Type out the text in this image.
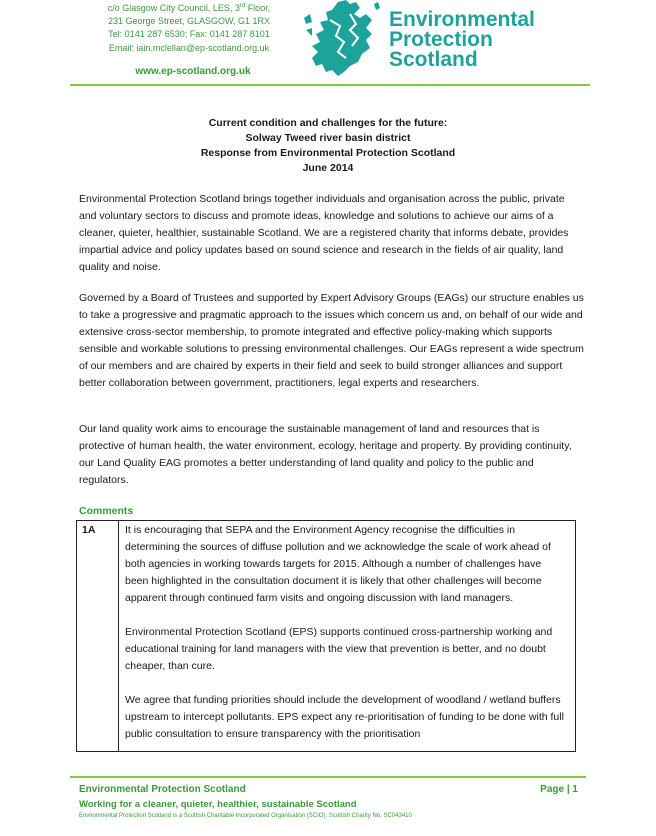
c/o Glasgow City Council, LES, 3rd Floor,
231 George Street, GLASGOW, G1 1RX
Tel: 0141 287 6530; Fax: 0141 287 8101
Email: iain.mclellan@ep-scotland.org.uk
www.ep-scotland.org.uk
Environmental
Protection
Scotland
Current condition and challenges for the future:
Solway Tweed river basin district
Response from Environmental Protection Scotland
June 2014

Environmental Protection Scotland brings together individuals and organisation across the public, private and voluntary sectors to discuss and promote ideas, knowledge and solutions to achieve our aims of a cleaner, quieter, healthier, sustainable Scotland. We are a registered charity that informs debate, provides impartial advice and policy updates based on sound science and research in the fields of air quality, land quality and noise.

Governed by a Board of Trustees and supported by Expert Advisory Groups (EAGs) our structure enables us to take a progressive and pragmatic approach to the issues which concern us and, on behalf of our wide and extensive cross-sector membership, to promote integrated and effective policy-making which supports sensible and workable solutions to pressing environmental challenges. Our EAGs represent a wide spectrum of our members and are chaired by experts in their field and seek to build stronger alliances and support better collaboration between government, practitioners, legal experts and researchers.

Our land quality work aims to encourage the sustainable management of land and resources that is protective of human health, the water environment, ecology, heritage and property. By providing continuity, our Land Quality EAG promotes a better understanding of land quality and policy to the public and regulators.

Comments
1A	It is encouraging that SEPA and the Environment Agency recognise the difficulties in determining the sources of diffuse pollution and we acknowledge the scale of work ahead of both agencies in working towards targets for 2015. Although a number of challenges have been highlighted in the consultation document it is likely that other challenges will become apparent through continued farm visits and ongoing discussion with land managers.

Environmental Protection Scotland (EPS) supports continued cross-partnership working and educational training for land managers with the view that prevention is better, and no doubt cheaper, than cure.

We agree that funding priorities should include the development of woodland / wetland buffers upstream to intercept pollutants. EPS expect any re-prioritisation of funding to be done with full public consultation to ensure transparency with the prioritisation

Environmental Protection Scotland	Page | 1
Working for a cleaner, quieter, healthier, sustainable Scotland
Environmental Protection Scotland is a Scottish Charitable Incorporated Organisation (SCIO). Scottish Charity No. SC043410
